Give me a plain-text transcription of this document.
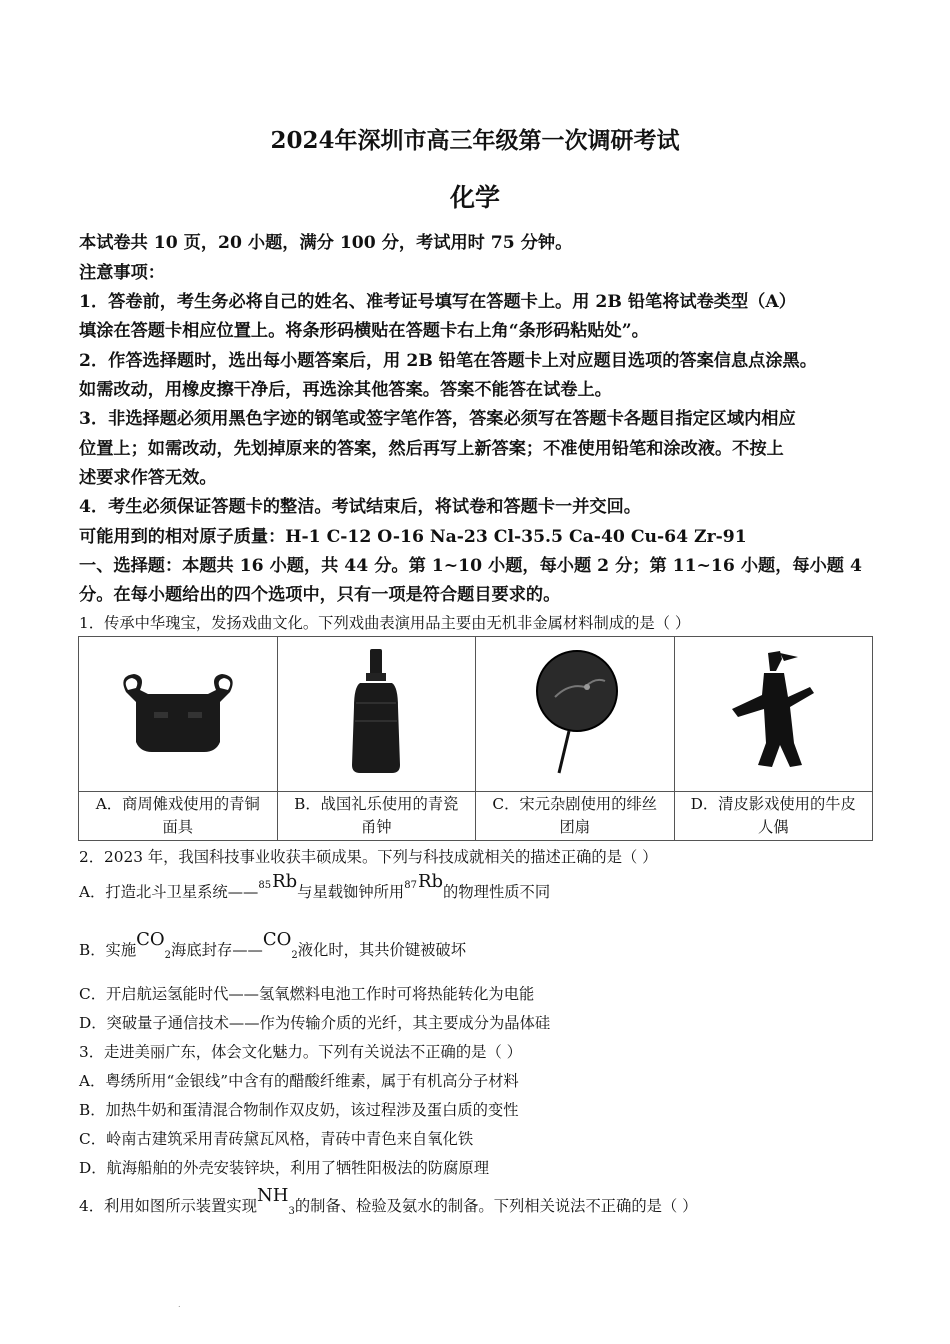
2024年深圳市高三年级第一次调研考试
化学
本试卷共 10 页，20 小题，满分 100 分，考试用时 75 分钟。
注意事项：
1．答卷前，考生务必将自己的姓名、准考证号填写在答题卡上。用 2B 铅笔将试卷类型（A）
填涂在答题卡相应位置上。将条形码横贴在答题卡右上角“条形码粘贴处”。
2．作答选择题时，选出每小题答案后，用 2B 铅笔在答题卡上对应题目选项的答案信息点涂黑。
如需改动，用橡皮擦干净后，再选涂其他答案。答案不能答在试卷上。
3．非选择题必须用黑色字迹的钢笔或签字笔作答，答案必须写在答题卡各题目指定区域内相应
位置上；如需改动，先划掉原来的答案，然后再写上新答案；不准使用铅笔和涂改液。不按上
述要求作答无效。
4．考生必须保证答题卡的整洁。考试结束后，将试卷和答题卡一并交回。
可能用到的相对原子质量：H-1 C-12 O-16 Na-23 Cl-35.5 Ca-40 Cu-64 Zr-91
一、选择题：本题共 16 小题，共 44 分。第 1~10 小题，每小题 2 分；第 11~16 小题，每小题 4
分。在每小题给出的四个选项中，只有一项是符合题目要求的。
1．传承中华瑰宝，发扬戏曲文化。下列戏曲表演用品主要由无机非金属材料制成的是（ ）

A．商周傩戏使用的青铜
面具	B．战国礼乐使用的青瓷
甬钟	C．宋元杂剧使用的绯丝
团扇	D．清皮影戏使用的牛皮
人偶
2．2023 年，我国科技事业收获丰硕成果。下列与科技成就相关的描述正确的是（ ）
A．打造北斗卫星系统——$^{85}$Rb与星载铷钟所用$^{87}$Rb的物理性质不同
B．实施CO2海底封存——CO2液化时，其共价键被破坏
C．开启航运氢能时代——氢氧燃料电池工作时可将热能转化为电能
D．突破量子通信技术——作为传输介质的光纤，其主要成分为晶体硅
3．走进美丽广东，体会文化魅力。下列有关说法不正确的是（ ）
A．粤绣所用“金银线”中含有的醋酸纤维素，属于有机高分子材料
B．加热牛奶和蛋清混合物制作双皮奶，该过程涉及蛋白质的变性
C．岭南古建筑采用青砖黛瓦风格，青砖中青色来自氧化铁
D．航海船舶的外壳安装锌块，利用了牺牲阳极法的防腐原理
4．利用如图所示装置实现NH3的制备、检验及氨水的制备。下列相关说法不正确的是（ ）
.
